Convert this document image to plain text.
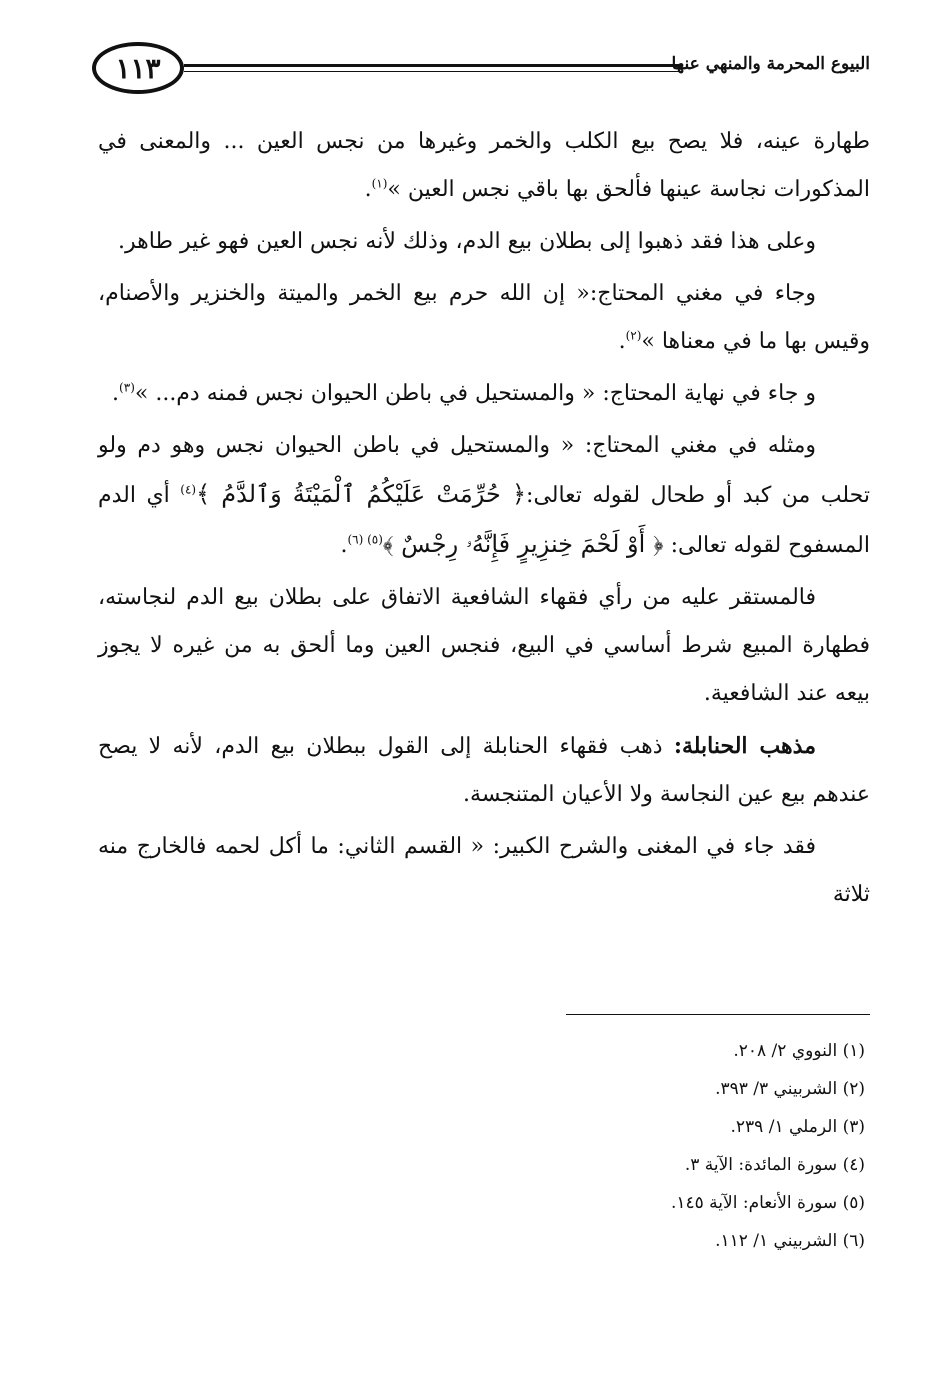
١١٣	البيوع المحرمة والمنهي عنها

طهارة عينه، فلا يصح بيع الكلب والخمر وغيرها من نجس العين ... والمعنى في المذكورات نجاسة عينها فألحق بها باقي نجس العين »$^{(١)}$.

وعلى هذا فقد ذهبوا إلى بطلان بيع الدم، وذلك لأنه نجس العين فهو غير طاهر.

وجاء في مغني المحتاج:« إن الله حرم بيع الخمر والميتة والخنزير والأصنام، وقيس بها ما في معناها »$^{(٢)}$.

و جاء في نهاية المحتاج: « والمستحيل في باطن الحيوان نجس فمنه دم... »$^{(٣)}$.

ومثله في مغني المحتاج: « والمستحيل في باطن الحيوان نجس وهو دم ولو تحلب من كبد أو طحال لقوله تعالى:﴿ حُرِّمَتْ عَلَيْكُمُ ٱلْمَيْتَةُ وَٱلدَّمُ ﴾$^{(٤)}$ أي الدم المسفوح لقوله تعالى: ﴿ أَوْ لَحْمَ خِنزِيرٍ فَإِنَّهُۥ رِجْسٌ ﴾$^{(٥) (٦)}$.

فالمستقر عليه من رأي فقهاء الشافعية الاتفاق على بطلان بيع الدم لنجاسته، فطهارة المبيع شرط أساسي في البيع، فنجس العين وما ألحق به من غيره لا يجوز بيعه عند الشافعية.

مذهب الحنابلة: ذهب فقهاء الحنابلة إلى القول ببطلان بيع الدم، لأنه لا يصح عندهم بيع عين النجاسة ولا الأعيان المتنجسة.

فقد جاء في المغنى والشرح الكبير: « القسم الثاني: ما أكل لحمه فالخارج منه ثلاثة

(١) النووي ٢/ ٢٠٨.
(٢) الشربيني ٣/ ٣٩٣.
(٣) الرملي ١/ ٢٣٩.
(٤) سورة المائدة: الآية ٣.
(٥) سورة الأنعام: الآية ١٤٥.
(٦) الشربيني ١/ ١١٢.
